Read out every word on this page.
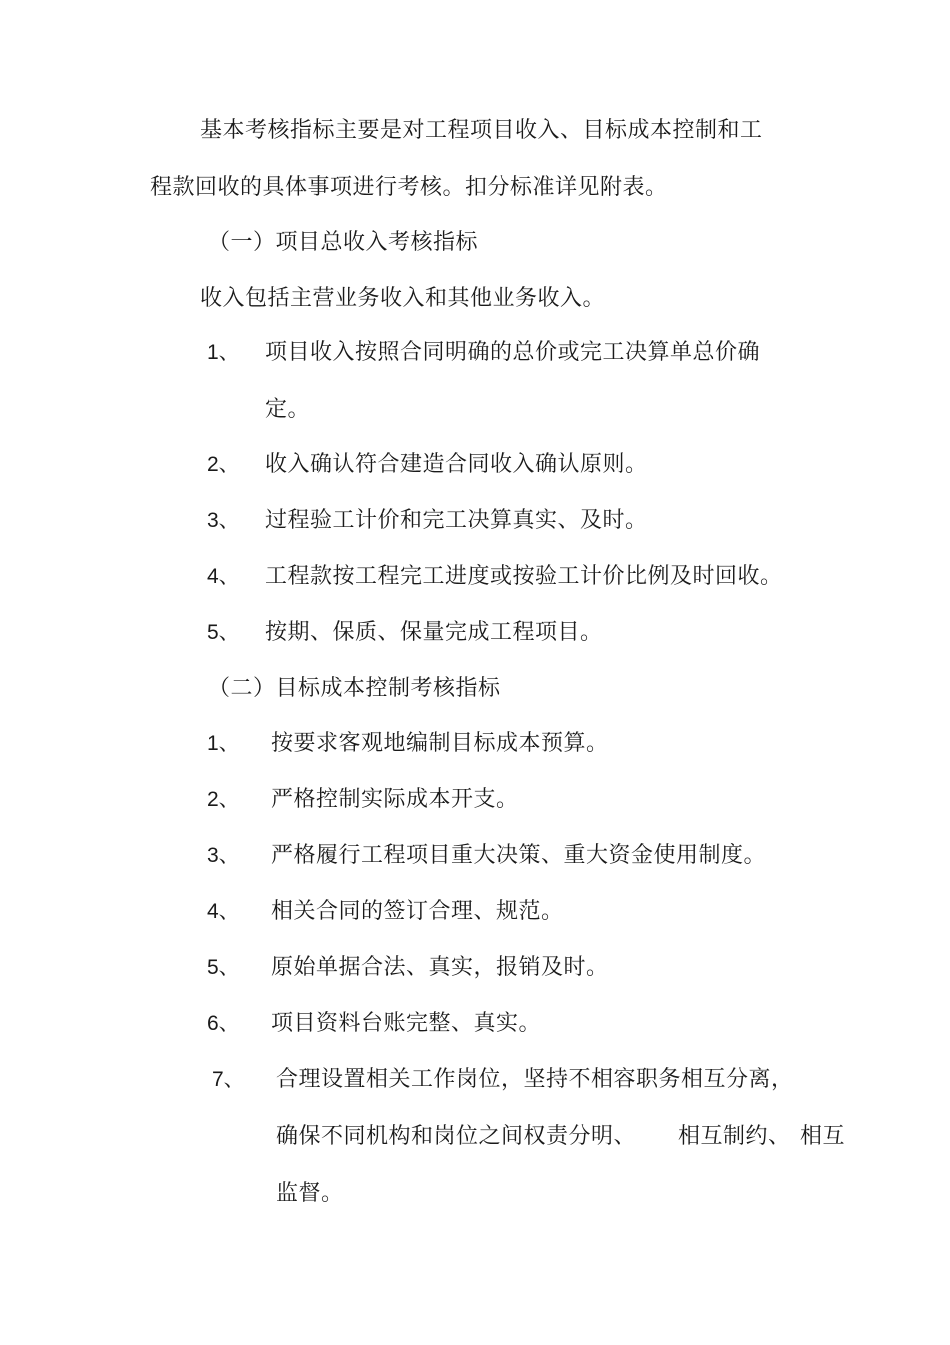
基本考核指标主要是对工程项目收入、目标成本控制和工
程款回收的具体事项进行考核。扣分标准详见附表。
（一）项目总收入考核指标
收入包括主营业务收入和其他业务收入。
1、 项目收入按照合同明确的总价或完工决算单总价确
定。
2、 收入确认符合建造合同收入确认原则。
3、 过程验工计价和完工决算真实、及时。
4、 工程款按工程完工进度或按验工计价比例及时回收。
5、 按期、保质、保量完成工程项目。
（二）目标成本控制考核指标
1、 按要求客观地编制目标成本预算。
2、 严格控制实际成本开支。
3、 严格履行工程项目重大决策、重大资金使用制度。
4、 相关合同的签订合理、规范。
5、 原始单据合法、真实，报销及时。
6、 项目资料台账完整、真实。
7、 合理设置相关工作岗位，坚持不相容职务相互分离，
确保不同机构和岗位之间权责分明、 相互制约、 相互
监督。
